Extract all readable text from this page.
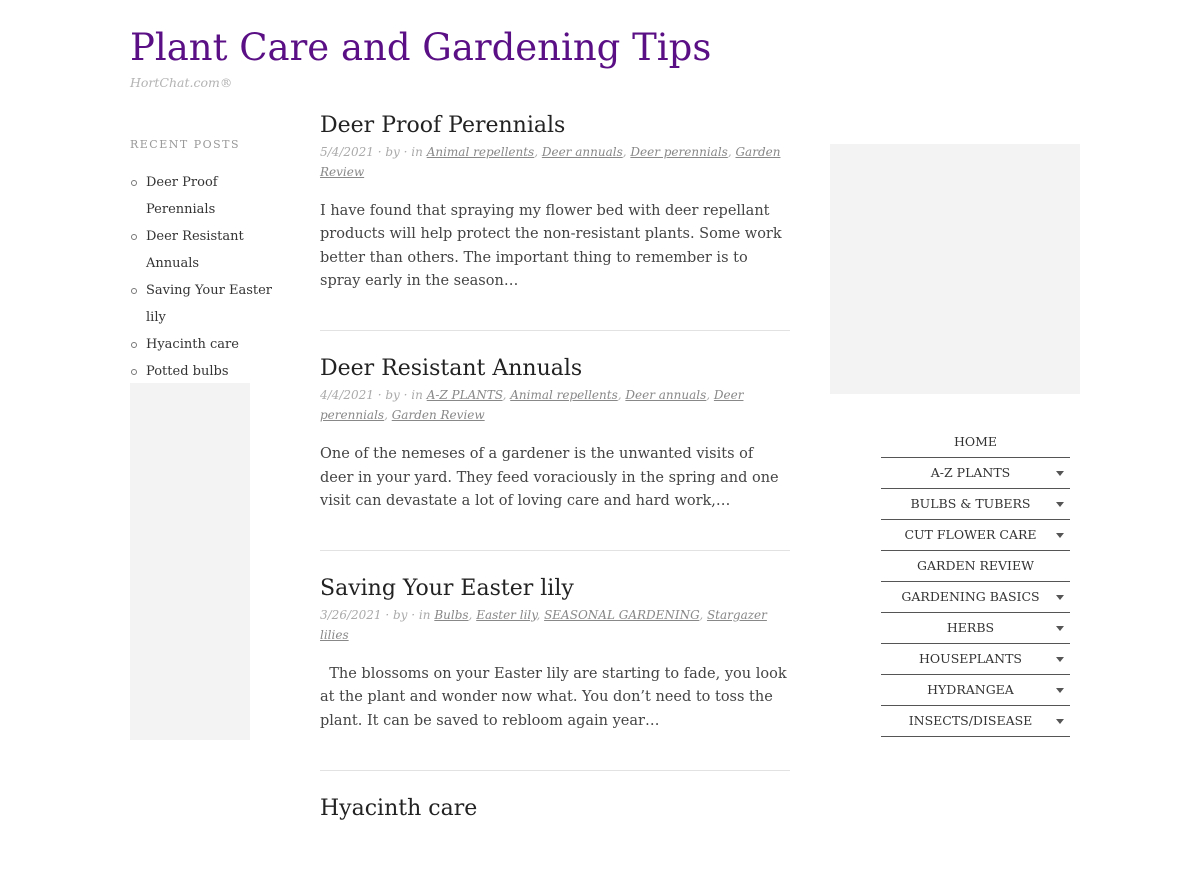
Plant Care and Gardening Tips
HortChat.com®
RECENT POSTS
Deer Proof Perennials
Deer Resistant Annuals
Saving Your Easter lily
Hyacinth care
Potted bulbs
Deer Proof Perennials
5/4/2021 · by · in Animal repellents, Deer annuals, Deer perennials, Garden Review

I have found that spraying my flower bed with deer repellant products will help protect the non-resistant plants. Some work better than others. The important thing to remember is to spray early in the season…

Deer Resistant Annuals
4/4/2021 · by · in A-Z PLANTS, Animal repellents, Deer annuals, Deer perennials, Garden Review

One of the nemeses of a gardener is the unwanted visits of deer in your yard. They feed voraciously in the spring and one visit can devastate a lot of loving care and hard work,…

Saving Your Easter lily
3/26/2021 · by · in Bulbs, Easter lily, SEASONAL GARDENING, Stargazer lilies

The blossoms on your Easter lily are starting to fade, you look at the plant and wonder now what. You don’t need to toss the plant. It can be saved to rebloom again year…

Hyacinth care
HOME
A-Z PLANTS
BULBS & TUBERS
CUT FLOWER CARE
GARDEN REVIEW
GARDENING BASICS
HERBS
HOUSEPLANTS
HYDRANGEA
INSECTS/DISEASE
